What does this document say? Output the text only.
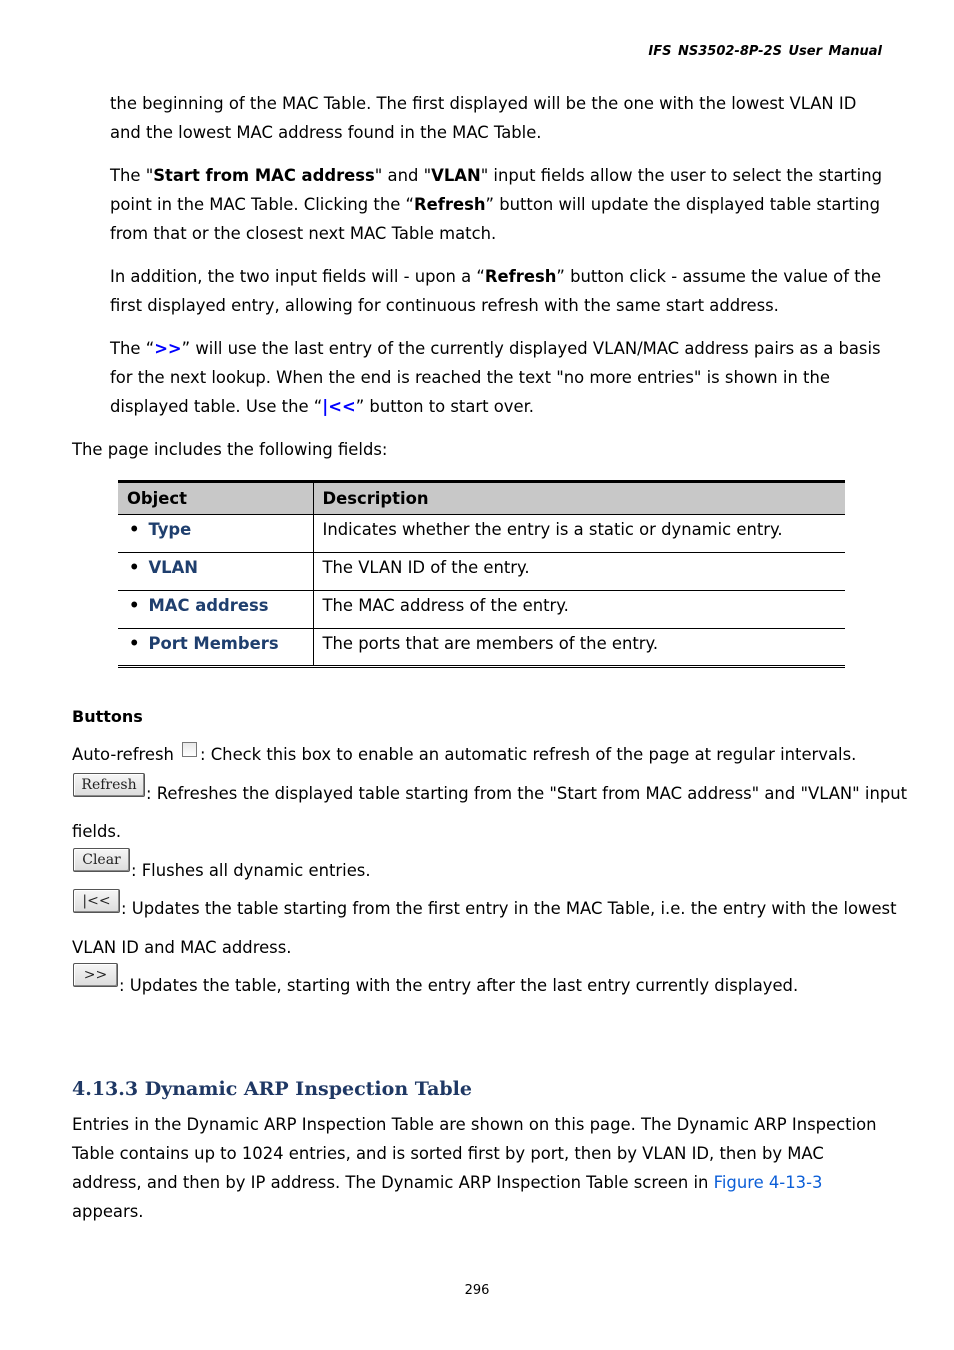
IFS NS3502-8P-2S User Manual

the beginning of the MAC Table. The first displayed will be the one with the lowest VLAN ID and the lowest MAC address found in the MAC Table.

The "Start from MAC address" and "VLAN" input fields allow the user to select the starting point in the MAC Table. Clicking the “Refresh” button will update the displayed table starting from that or the closest next MAC Table match.

In addition, the two input fields will - upon a “Refresh” button click - assume the value of the first displayed entry, allowing for continuous refresh with the same start address.

The “>>” will use the last entry of the currently displayed VLAN/MAC address pairs as a basis for the next lookup. When the end is reached the text "no more entries" is shown in the displayed table. Use the “|<<” button to start over.

The page includes the following fields:

Object	Description
• Type	Indicates whether the entry is a static or dynamic entry.
• VLAN	The VLAN ID of the entry.
• MAC address	The MAC address of the entry.
• Port Members	The ports that are members of the entry.
Buttons

Auto-refresh : Check this box to enable an automatic refresh of the page at regular intervals.

Refresh : Refreshes the displayed table starting from the "Start from MAC address" and "VLAN" input

fields.

Clear

: Flushes all dynamic entries.

|<< : Updates the table starting from the first entry in the MAC Table, i.e. the entry with the lowest

VLAN ID and MAC address.

>>

: Updates the table, starting with the entry after the last entry currently displayed.

4.13.3 Dynamic ARP Inspection Table

Entries in the Dynamic ARP Inspection Table are shown on this page. The Dynamic ARP Inspection Table contains up to 1024 entries, and is sorted first by port, then by VLAN ID, then by MAC address, and then by IP address. The Dynamic ARP Inspection Table screen in Figure 4-13-3 appears.

296
